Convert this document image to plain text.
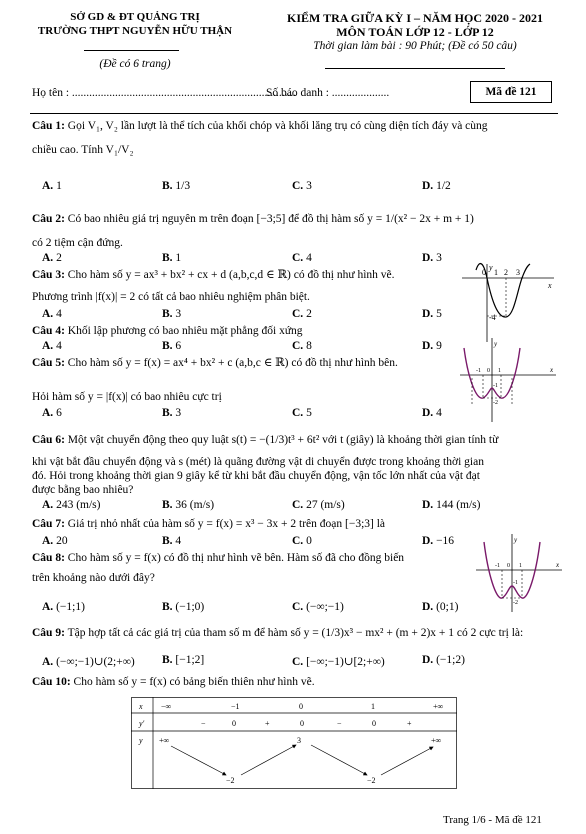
SỞ GD & ĐT QUẢNG TRỊ
TRƯỜNG THPT NGUYỄN HỮU THẬN
(Đề có 6 trang)
KIỂM TRA GIỮA KỲ I – NĂM HỌC 2020 - 2021
MÔN TOÁN LỚP 12 - LỚP 12
Thời gian làm bài : 90 Phút; (Đề có 50 câu)
Họ tên : ..............................................................................
Số báo danh : ....................	Mã đề 121
Câu 1: Gọi V₁, V₂ lần lượt là thể tích của khối chóp và khối lăng trụ có cùng diện tích đáy và cùng
chiều cao. Tính V₁/V₂
A. 1	B. 1/3	C. 3	D. 1/2
Câu 2: Có bao nhiêu giá trị nguyên m trên đoạn [−3;5] để đồ thị hàm số y = 1/(x² − 2x + m + 1)
có 2 tiệm cận đứng.
A. 2	B. 1	C. 4	D. 3
Câu 3: Cho hàm số y = ax³ + bx² + cx + d (a,b,c,d ∈ ℝ) có đồ thị như hình vẽ.
Phương trình |f(x)| = 2 có tất cả bao nhiêu nghiệm phân biệt.
A. 4	B. 3	C. 2	D. 5
0 1 2 3
x
y
-4
Câu 4: Khối lập phương có bao nhiêu mặt phẳng đối xứng
A. 4	B. 6	C. 8	D. 9
Câu 5: Cho hàm số y = f(x) = ax⁴ + bx² + c (a,b,c ∈ ℝ) có đồ thị như hình bên.
Hỏi hàm số y = |f(x)| có bao nhiêu cực trị
A. 6	B. 3	C. 5	D. 4
y
x
-1 0 1
-1
-2
Câu 6: Một vật chuyển động theo quy luật s(t) = −(1/3)t³ + 6t² với t (giây) là khoảng thời gian tính từ
khi vật bắt đầu chuyển động và s (mét) là quãng đường vật di chuyển được trong khoảng thời gian
đó. Hỏi trong khoảng thời gian 9 giây kể từ khi bắt đầu chuyển động, vận tốc lớn nhất của vật đạt
được bằng bao nhiêu?
A. 243 (m/s)	B. 36 (m/s)	C. 27 (m/s)	D. 144 (m/s)
Câu 7: Giá trị nhỏ nhất của hàm số y = f(x) = x³ − 3x + 2 trên đoạn [−3;3] là
A. 20	B. 4	C. 0	D. −16
Câu 8: Cho hàm số y = f(x) có đồ thị như hình vẽ bên. Hàm số đã cho đồng biến
trên khoảng nào dưới đây?
A. (−1;1)	B. (−1;0)	C. (−∞;−1)	D. (0;1)
y
x
-1 0 1
-1
-2
Câu 9: Tập hợp tất cả các giá trị của tham số m để hàm số y = (1/3)x³ − mx² + (m + 2)x + 1 có 2 cực trị là:
A. (−∞;−1)∪(2;+∞) B. [−1;2]	C. [−∞;−1)∪[2;+∞)	D. (−1;2)
Câu 10: Cho hàm số y = f(x) có bảng biến thiên như hình vẽ.
x −∞	−1	0	1	+∞
y'	−	0	+	0	−	0	+
y +∞	3	+∞
−2	−2
Trang 1/6 - Mã đề 121
